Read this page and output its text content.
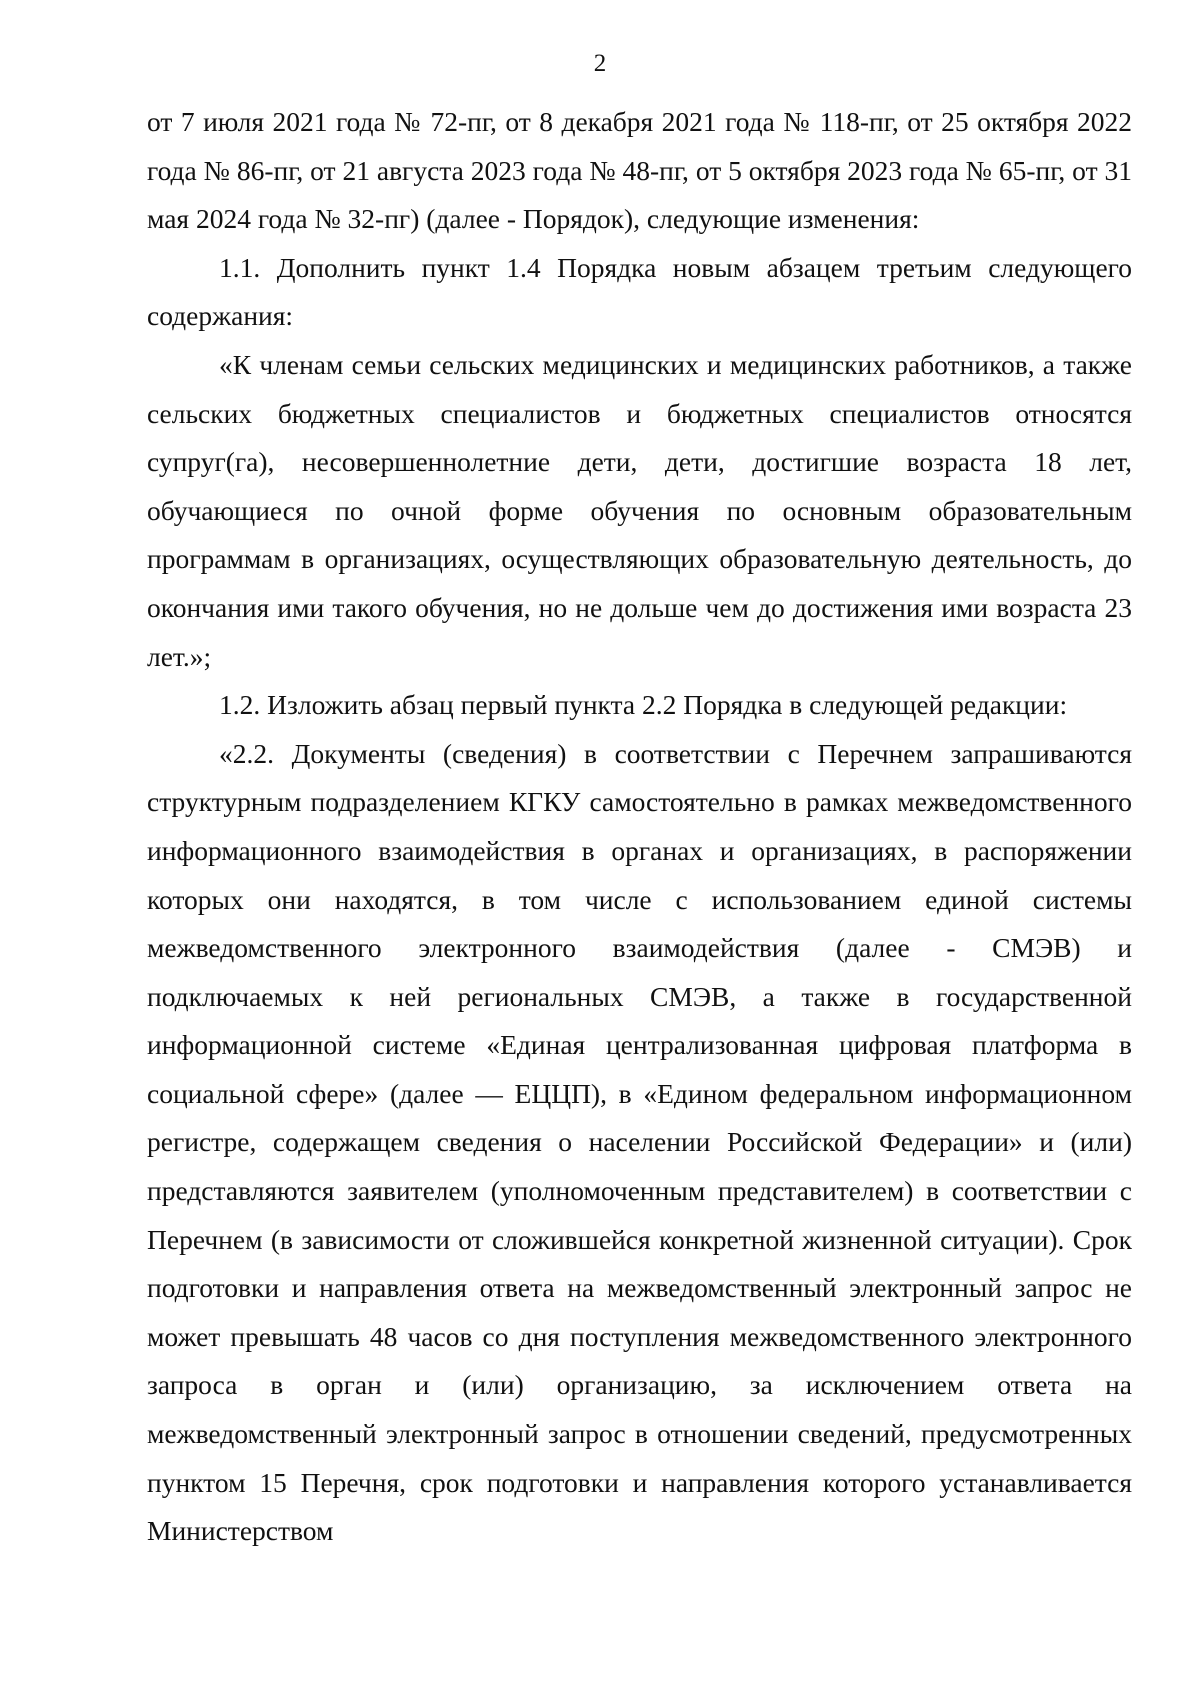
2

от 7 июля 2021 года № 72-пг, от 8 декабря 2021 года № 118-пг, от 25 октября 2022 года № 86-пг, от 21 августа 2023 года № 48-пг, от 5 октября 2023 года № 65-пг, от 31 мая 2024 года № 32-пг) (далее - Порядок), следующие изменения:

1.1. Дополнить пункт 1.4 Порядка новым абзацем третьим следующего содержания:

«К членам семьи сельских медицинских и медицинских работников, а также сельских бюджетных специалистов и бюджетных специалистов относятся супруг(га), несовершеннолетние дети, дети, достигшие возраста 18 лет, обучающиеся по очной форме обучения по основным образовательным программам в организациях, осуществляющих образовательную деятельность, до окончания ими такого обучения, но не дольше чем до достижения ими возраста 23 лет.»;

1.2. Изложить абзац первый пункта 2.2 Порядка в следующей редакции:

«2.2. Документы (сведения) в соответствии с Перечнем запрашиваются структурным подразделением КГКУ самостоятельно в рамках межведомственного информационного взаимодействия в органах и организациях, в распоряжении которых они находятся, в том числе с использованием единой системы межведомственного электронного взаимодействия (далее - СМЭВ) и подключаемых к ней региональных СМЭВ, а также в государственной информационной системе «Единая централизованная цифровая платформа в социальной сфере» (далее — ЕЦЦП), в «Едином федеральном информационном регистре, содержащем сведения о населении Российской Федерации» и (или) представляются заявителем (уполномоченным представителем) в соответствии с Перечнем (в зависимости от сложившейся конкретной жизненной ситуации). Срок подготовки и направления ответа на межведомственный электронный запрос не может превышать 48 часов со дня поступления межведомственного электронного запроса в орган и (или) организацию, за исключением ответа на межведомственный электронный запрос в отношении сведений, предусмотренных пунктом 15 Перечня, срок подготовки и направления которого устанавливается Министерством
